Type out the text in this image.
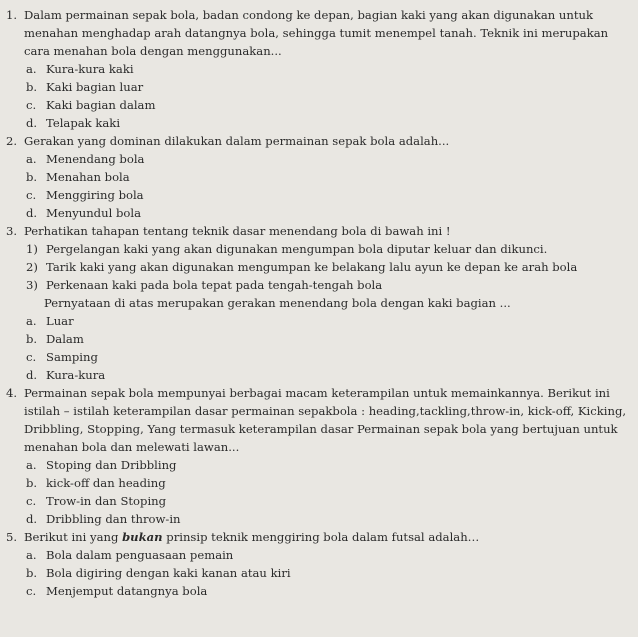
1. Dalam permainan sepak bola, badan condong ke depan, bagian kaki yang akan digunakan untuk menahan menghadap arah datangnya bola, sehingga tumit menempel tanah. Teknik ini merupakan cara menahan bola dengan menggunakan...

a. Kura-kura kaki
b. Kaki bagian luar
c. Kaki bagian dalam
d. Telapak kaki
2. Gerakan yang dominan dilakukan dalam permainan sepak bola adalah...

a. Menendang bola
b. Menahan bola
c. Menggiring bola
d. Menyundul bola
3. Perhatikan tahapan tentang teknik dasar menendang bola di bawah ini !

1) Pergelangan kaki yang akan digunakan mengumpan bola diputar keluar dan dikunci.
2) Tarik kaki yang akan digunakan mengumpan ke belakang lalu ayun ke depan ke arah bola
3) Perkenaan kaki pada bola tepat pada tengah-tengah bola

Pernyataan di atas merupakan gerakan menendang bola dengan kaki bagian ...

a. Luar
b. Dalam
c. Samping
d. Kura-kura
4. Permainan sepak bola mempunyai berbagai macam keterampilan untuk memainkannya. Berikut ini istilah – istilah keterampilan dasar permainan sepakbola : heading,tackling,throw-in, kick-off, Kicking, Dribbling, Stopping, Yang termasuk keterampilan dasar Permainan sepak bola yang bertujuan untuk menahan bola dan melewati lawan...

a. Stoping dan Dribbling
b. kick-off dan heading
c. Trow-in dan Stoping
d. Dribbling dan throw-in
5. Berikut ini yang bukan prinsip teknik menggiring bola dalam futsal adalah…

a. Bola dalam penguasaan pemain
b. Bola digiring dengan kaki kanan atau kiri
c. Menjemput datangnya bola
